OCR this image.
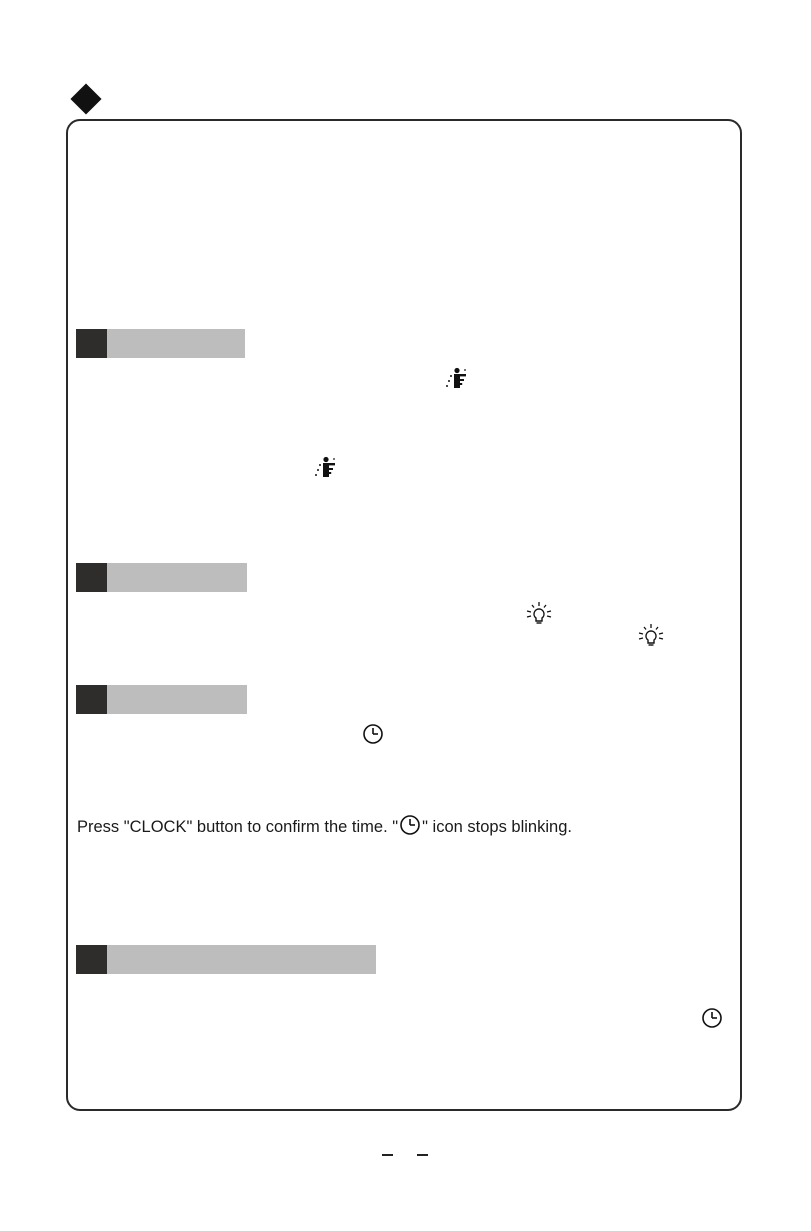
Press "CLOCK" button to confirm the time. " " icon stops blinking.
